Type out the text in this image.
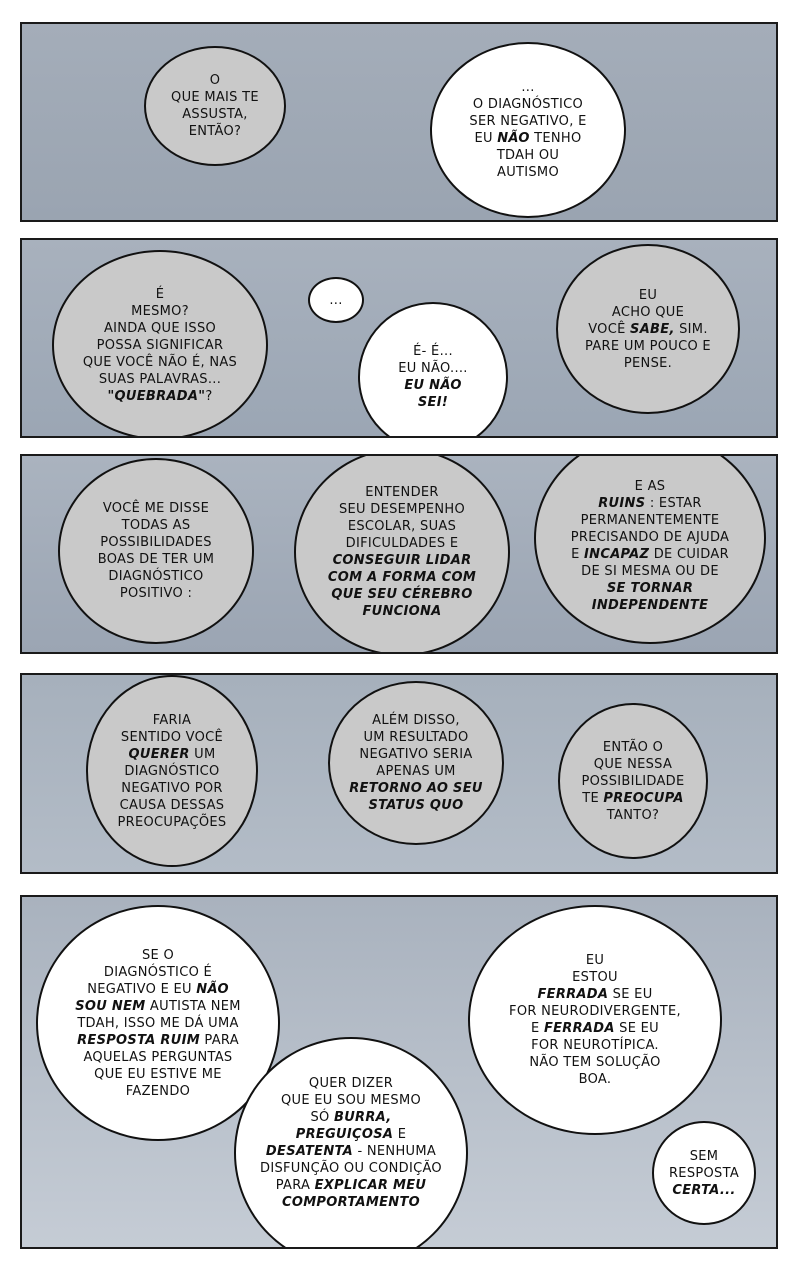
O
QUE MAIS TE
ASSUSTA,
ENTÃO?
...
O DIAGNÓSTICO
SER NEGATIVO, E
EU NÃO TENHO
TDAH OU
AUTISMO
É
MESMO?
AINDA QUE ISSO
POSSA SIGNIFICAR
QUE VOCÊ NÃO É, NAS
SUAS PALAVRAS...
"QUEBRADA"?
...
É- É...
EU NÃO....
EU NÃO
SEI!
EU
ACHO QUE
VOCÊ SABE, SIM.
PARE UM POUCO E
PENSE.
VOCÊ ME DISSE
TODAS AS
POSSIBILIDADES
BOAS DE TER UM
DIAGNÓSTICO
POSITIVO :
ENTENDER
SEU DESEMPENHO
ESCOLAR, SUAS
DIFICULDADES E
CONSEGUIR LIDAR
COM A FORMA COM
QUE SEU CÉREBRO
FUNCIONA
E AS
RUINS : ESTAR
PERMANENTEMENTE
PRECISANDO DE AJUDA
E INCAPAZ DE CUIDAR
DE SI MESMA OU DE
SE TORNAR
INDEPENDENTE
FARIA
SENTIDO VOCÊ
QUERER UM
DIAGNÓSTICO
NEGATIVO POR
CAUSA DESSAS
PREOCUPAÇÕES
ALÉM DISSO,
UM RESULTADO
NEGATIVO SERIA
APENAS UM
RETORNO AO SEU
STATUS QUO
ENTÃO O
QUE NESSA
POSSIBILIDADE
TE PREOCUPA
TANTO?
SE O
DIAGNÓSTICO É
NEGATIVO E EU NÃO
SOU NEM AUTISTA NEM
TDAH, ISSO ME DÁ UMA
RESPOSTA RUIM PARA
AQUELAS PERGUNTAS
QUE EU ESTIVE ME
FAZENDO	QUER DIZER
QUE EU SOU MESMO
SÓ BURRA,
PREGUIÇOSA E
DESATENTA - NENHUMA
DISFUNÇÃO OU CONDIÇÃO
PARA EXPLICAR MEU
COMPORTAMENTO
EU
ESTOU
FERRADA SE EU
FOR NEURODIVERGENTE,
E FERRADA SE EU
FOR NEUROTÍPICA.
NÃO TEM SOLUÇÃO
BOA.
SEM
RESPOSTA
CERTA...
